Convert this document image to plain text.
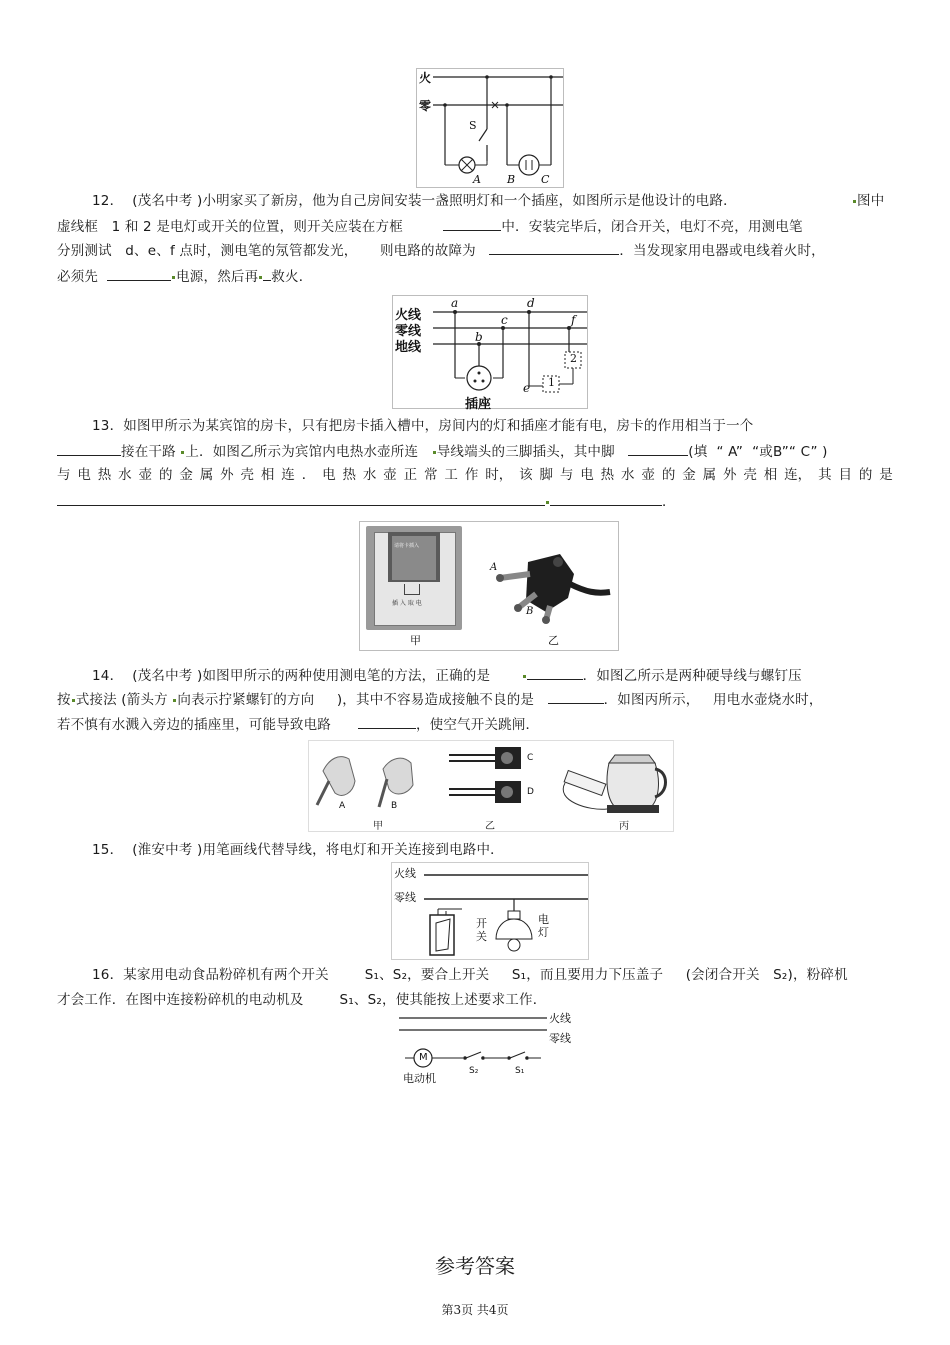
火
零
S
A B C
12．  (茂名中考 )小明家买了新房，他为自己房间安装一盏照明灯和一个插座，如图所示是他设计的电路．	图中
虚线框   1 和 2 是电灯或开关的位置，则开关应装在方框	中．安装完毕后，闭合开关，电灯不亮，用测电笔
分别测试   d、e、f 点时，测电笔的氖管都发光，     则电路的故障为	．当发现家用电器或电线着火时，
必须先	电源，然后再 救火．
火线
零线
地线
a
b
c
d
e
f
1
2
插座
13．如图甲所示为某宾馆的房卡，只有把房卡插入槽中，房间内的灯和插座才能有电，房卡的作用相当于一个
接在干路 上．如图乙所示为宾馆内电热水壶所连 导线端头的三脚插头，其中脚	(填  “ A”  “或B”“ C” )
与 电 热 水 壶 的 金 属 外 壳 相 连 ． 电 热 水 壶 正 常 工 作 时， 该 脚 与 电 热 水 壶 的 金 属 外 壳 相 连， 其 目 的 是
．
请将卡插入
插 入 取 电
A
B
甲	乙
14．  (茂名中考 )如图甲所示的两种使用测电笔的方法，正确的是	．如图乙所示是两种硬导线与螺钉压
按 式接法 (箭头方 向表示拧紧螺钉的方向     )，其中不容易造成接触不良的是	．如图丙所示，   用电水壶烧水时，
若不慎有水溅入旁边的插座里，可能导致电路	，使空气开关跳闸．
A	B
C
D
甲	乙	丙
15．  (淮安中考 )用笔画线代替导线，将电灯和开关连接到电路中．
火线
零线
开关
电灯
16．某家用电动食品粉碎机有两个开关	S₁、S₂，要合上开关 S₁，而且要用力下压盖子 (会闭合开关   S₂)，粉碎机
才会工作．在图中连接粉碎机的电动机及	S₁、S₂，使其能按上述要求工作．
M
火线
零线
电动机
S₂	S₁
参考答案
第3页 共4页
